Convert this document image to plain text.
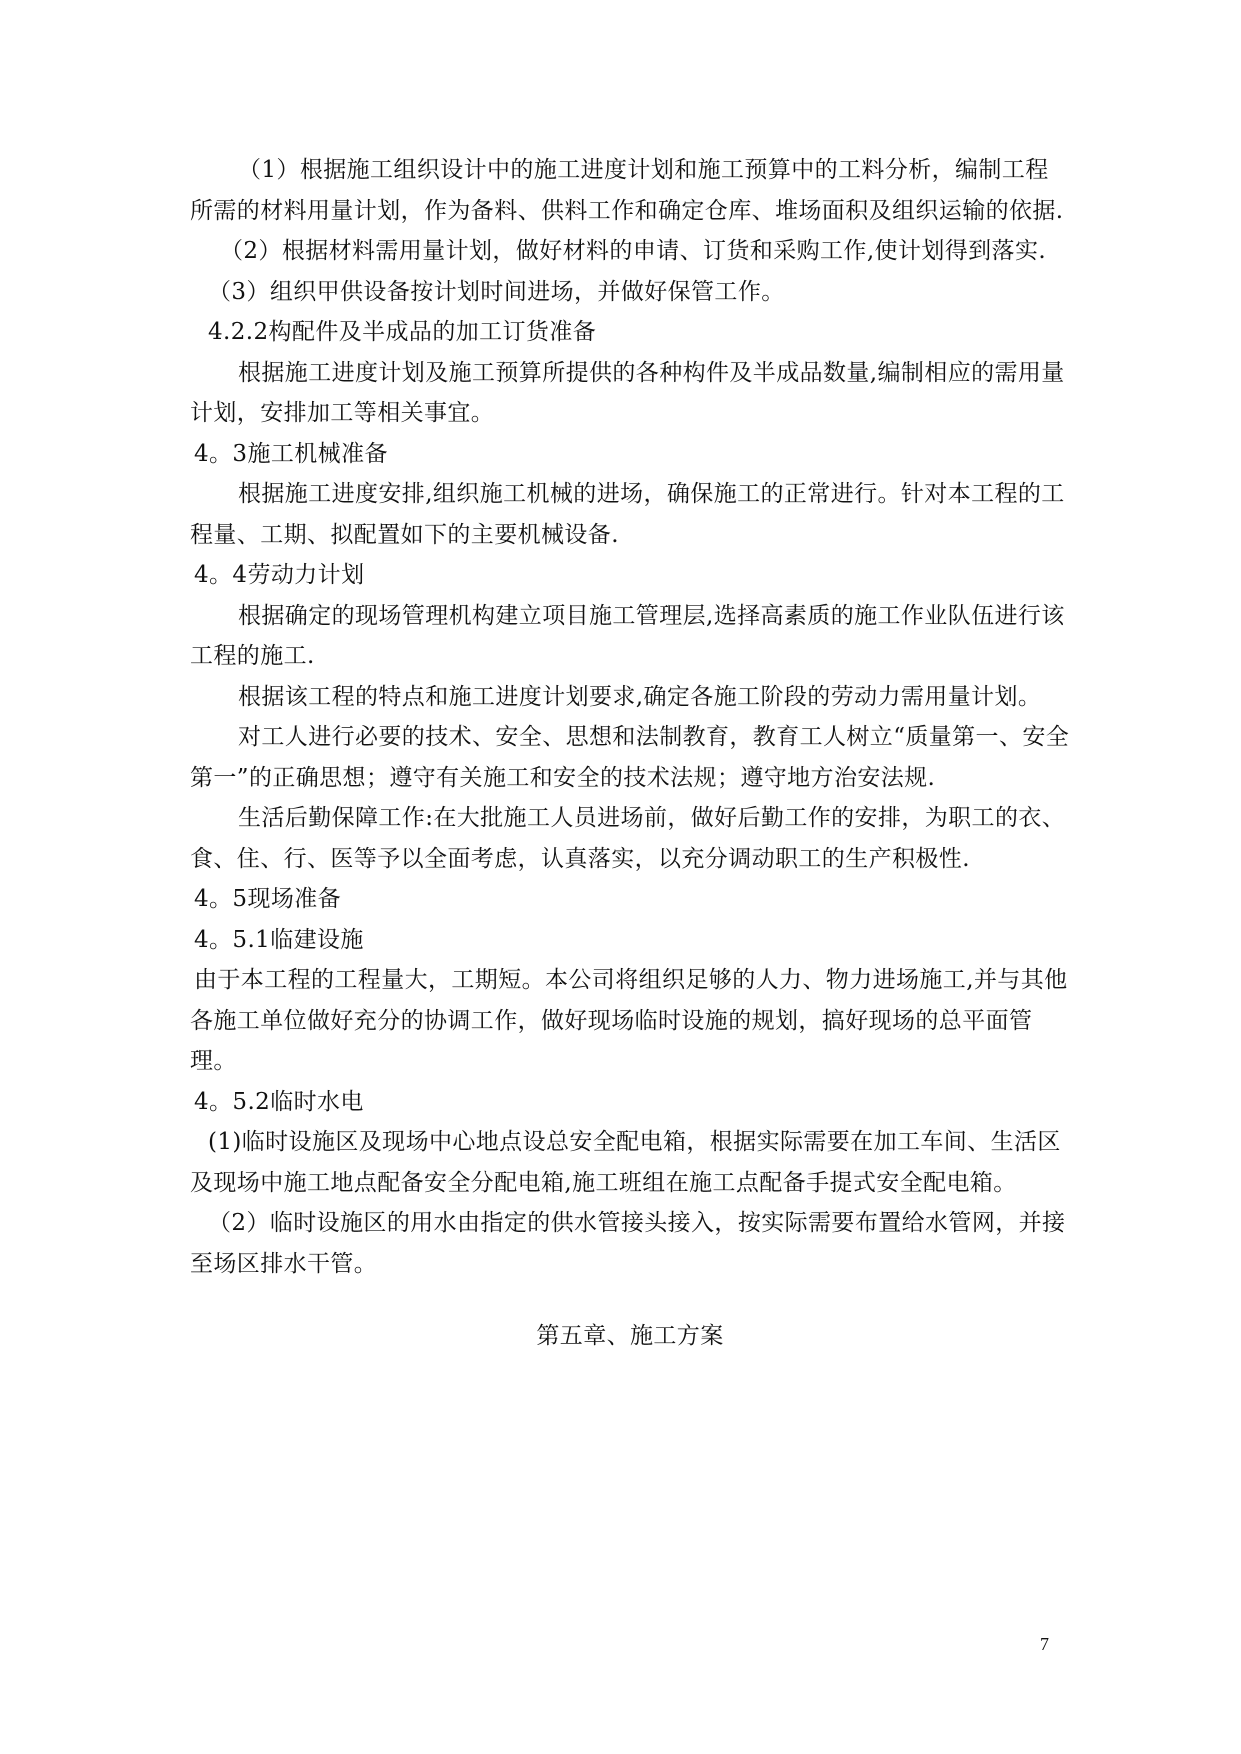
（1）根据施工组织设计中的施工进度计划和施工预算中的工料分析，编制工程所需的材料用量计划，作为备料、供料工作和确定仓库、堆场面积及组织运输的依据.

（2）根据材料需用量计划，做好材料的申请、订货和采购工作,使计划得到落实.

（3）组织甲供设备按计划时间进场，并做好保管工作。

4.2.2构配件及半成品的加工订货准备

根据施工进度计划及施工预算所提供的各种构件及半成品数量,编制相应的需用量计划，安排加工等相关事宜。

4。3施工机械准备

根据施工进度安排,组织施工机械的进场，确保施工的正常进行。针对本工程的工程量、工期、拟配置如下的主要机械设备.

4。4劳动力计划

根据确定的现场管理机构建立项目施工管理层,选择高素质的施工作业队伍进行该工程的施工.

根据该工程的特点和施工进度计划要求,确定各施工阶段的劳动力需用量计划。

对工人进行必要的技术、安全、思想和法制教育，教育工人树立“质量第一、安全第一”的正确思想；遵守有关施工和安全的技术法规；遵守地方治安法规.

生活后勤保障工作:在大批施工人员进场前，做好后勤工作的安排，为职工的衣、食、住、行、医等予以全面考虑，认真落实，以充分调动职工的生产积极性.

4。5现场准备

4。5.1临建设施

由于本工程的工程量大，工期短。本公司将组织足够的人力、物力进场施工,并与其他各施工单位做好充分的协调工作，做好现场临时设施的规划，搞好现场的总平面管理。

4。5.2临时水电

(1)临时设施区及现场中心地点设总安全配电箱，根据实际需要在加工车间、生活区及现场中施工地点配备安全分配电箱,施工班组在施工点配备手提式安全配电箱。

（2）临时设施区的用水由指定的供水管接头接入，按实际需要布置给水管网，并接至场区排水干管。

第五章、施工方案

7
